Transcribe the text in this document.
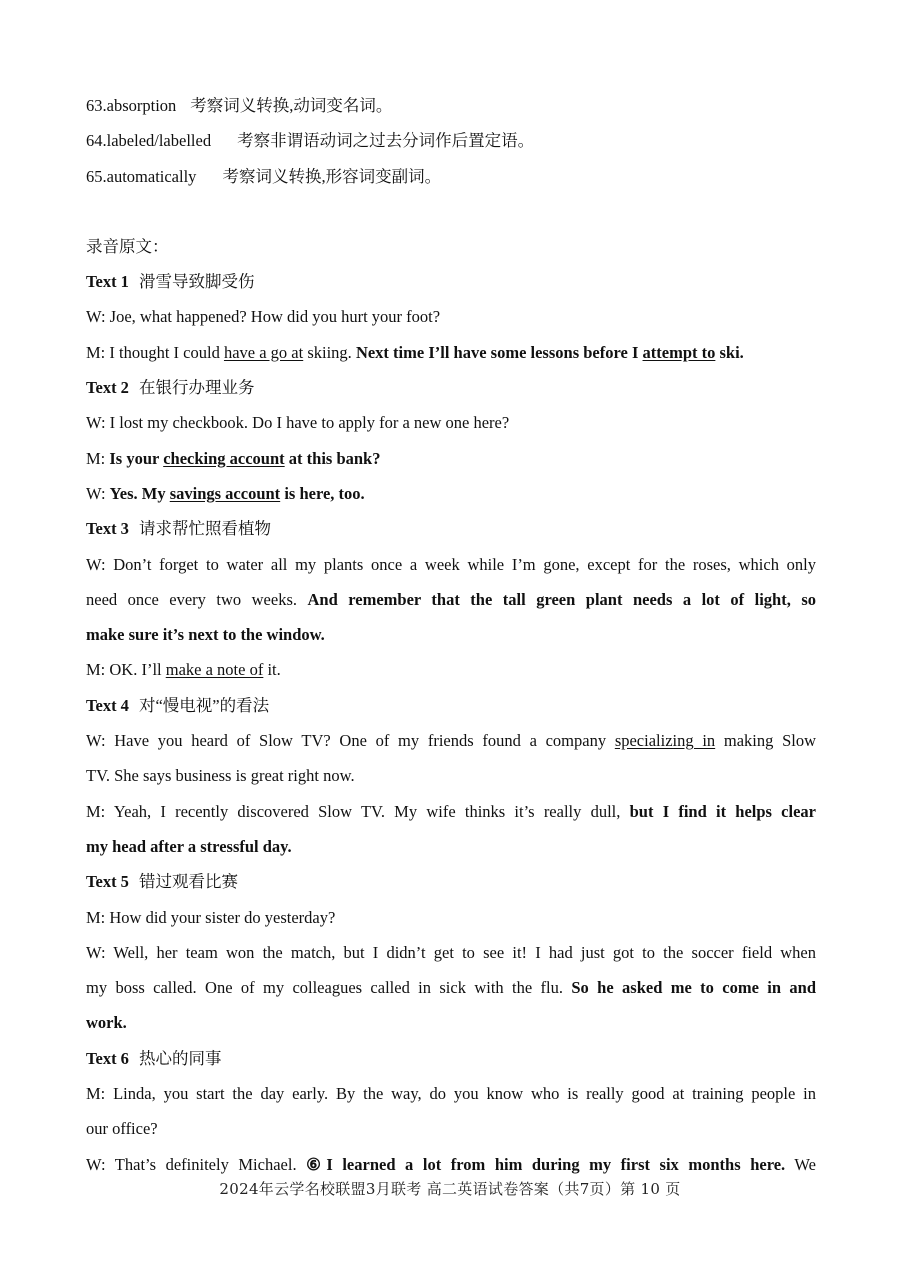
63.absorption 考察词义转换,动词变名词。
64.labeled/labelled 考察非谓语动词之过去分词作后置定语。
65.automatically 考察词义转换,形容词变副词。
录音原文：
Text 1 滑雪导致脚受伤
W: Joe, what happened? How did you hurt your foot?
M: I thought I could have a go at skiing. Next time I’ll have some lessons before I attempt to ski.
Text 2 在银行办理业务
W: I lost my checkbook. Do I have to apply for a new one here?
M: Is your checking account at this bank?
W: Yes. My savings account is here, too.
Text 3 请求帮忙照看植物
W: Don’t forget to water all my plants once a week while I’m gone, except for the roses, which only
need once every two weeks. And remember that the tall green plant needs a lot of light, so
make sure it’s next to the window.
M: OK. I’ll make a note of it.
Text 4 对“慢电视”的看法
W: Have you heard of Slow TV? One of my friends found a company specializing in making Slow
TV. She says business is great right now.
M: Yeah, I recently discovered Slow TV. My wife thinks it’s really dull, but I find it helps clear
my head after a stressful day.
Text 5 错过观看比赛
M: How did your sister do yesterday?
W: Well, her team won the match, but I didn’t get to see it! I had just got to the soccer field when
my boss called. One of my colleagues called in sick with the flu. So he asked me to come in and
work.
Text 6 热心的同事
M: Linda, you start the day early. By the way, do you know who is really good at training people in
our office?
W: That’s definitely Michael. ⑥I learned a lot from him during my first six months here. We
2024年云学名校联盟3月联考 高二英语试卷答案（共7页）第 10 页
